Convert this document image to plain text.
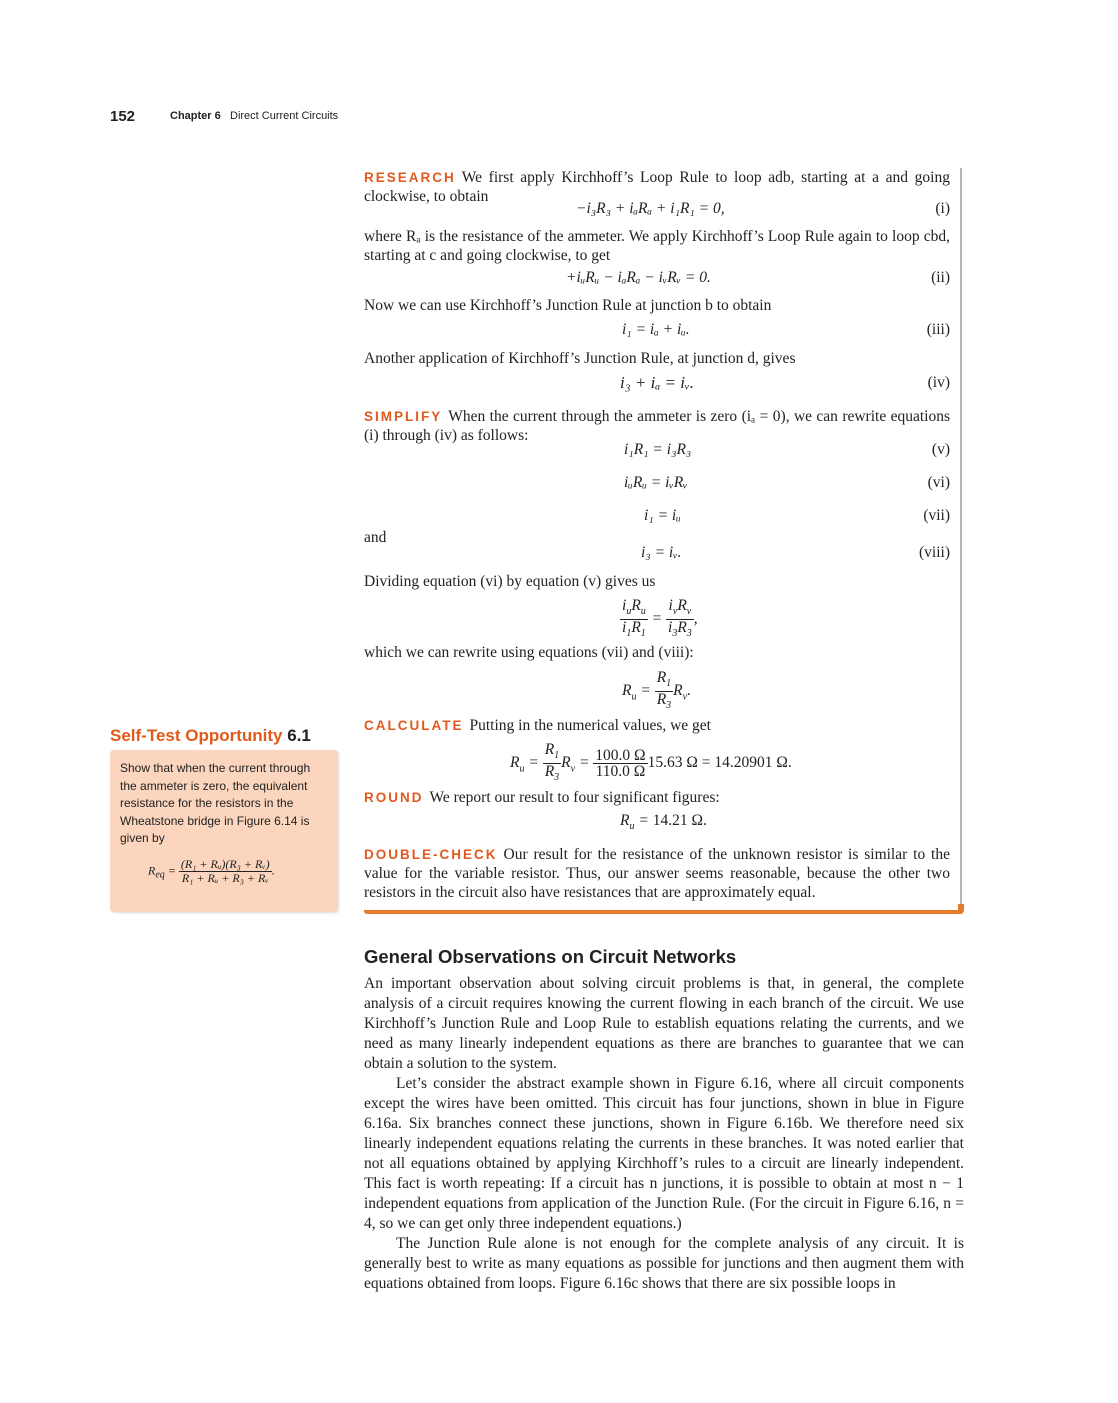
152	Chapter 6 Direct Current Circuits
RESEARCH We first apply Kirchhoff’s Loop Rule to loop adb, starting at a and going clockwise, to obtain
−i₃R₃ + iₐRₐ + i₁R₁ = 0,	(i)
where Rₐ is the resistance of the ammeter. We apply Kirchhoff’s Loop Rule again to loop cbd, starting at c and going clockwise, to get
+iᵤRᵤ − iₐRₐ − iᵥRᵥ = 0.	(ii)
Now we can use Kirchhoff’s Junction Rule at junction b to obtain
i₁ = iₐ + iᵤ.	(iii)
Another application of Kirchhoff’s Junction Rule, at junction d, gives
i₃ + iₐ = iᵥ.	(iv)
SIMPLIFY When the current through the ammeter is zero (iₐ = 0), we can rewrite equations (i) through (iv) as follows:
i₁R₁ = i₃R₃	(v)
iᵤRᵤ = iᵥRᵥ	(vi)
i₁ = iᵤ	(vii)
and
i₃ = iᵥ.	(viii)
Dividing equation (vi) by equation (v) gives us
$\frac{i_uR_u}{i_1R_1} = \frac{i_vR_v}{i_3R_3}$ ,
which we can rewrite using equations (vii) and (viii):
$R_u = \frac{R_1}{R_3} R_v$.
CALCULATE Putting in the numerical values, we get
$R_u = \frac{R_1}{R_3} R_v = \frac{100.0 \Omega}{110.0 \Omega} 15.63$ Ω = 14.20901 Ω.
ROUND We report our result to four significant figures:
$R_u = 14.21$ Ω.
DOUBLE-CHECK Our result for the resistance of the unknown resistor is similar to the value for the variable resistor. Thus, our answer seems reasonable, because the other two resistors in the circuit also have resistances that are approximately equal.
Self-Test Opportunity 6.1
Show that when the current through the ammeter is zero, the equivalent resistance for the resistors in the Wheatstone bridge in Figure 6.14 is given by
$R_{eq} = \frac{\text{(R₁ + Rᵤ)(R₃ + Rᵥ)}}{\text{R₁ + Rᵤ + R₃ + Rᵥ}}$ .
General Observations on Circuit Networks
An important observation about solving circuit problems is that, in general, the complete analysis of a circuit requires knowing the current flowing in each branch of the circuit. We use Kirchhoff’s Junction Rule and Loop Rule to establish equations relating the currents, and we need as many linearly independent equations as there are branches to guarantee that we can obtain a solution to the system.
Let’s consider the abstract example shown in Figure 6.16, where all circuit components except the wires have been omitted. This circuit has four junctions, shown in blue in Figure 6.16a. Six branches connect these junctions, shown in Figure 6.16b. We therefore need six linearly independent equations relating the currents in these branches. It was noted earlier that not all equations obtained by applying Kirchhoff’s rules to a circuit are linearly independent. This fact is worth repeating: If a circuit has n junctions, it is possible to obtain at most n − 1 independent equations from application of the Junction Rule. (For the circuit in Figure 6.16, n = 4, so we can get only three independent equations.)
The Junction Rule alone is not enough for the complete analysis of any circuit. It is generally best to write as many equations as possible for junctions and then augment them with equations obtained from loops. Figure 6.16c shows that there are six possible loops in
